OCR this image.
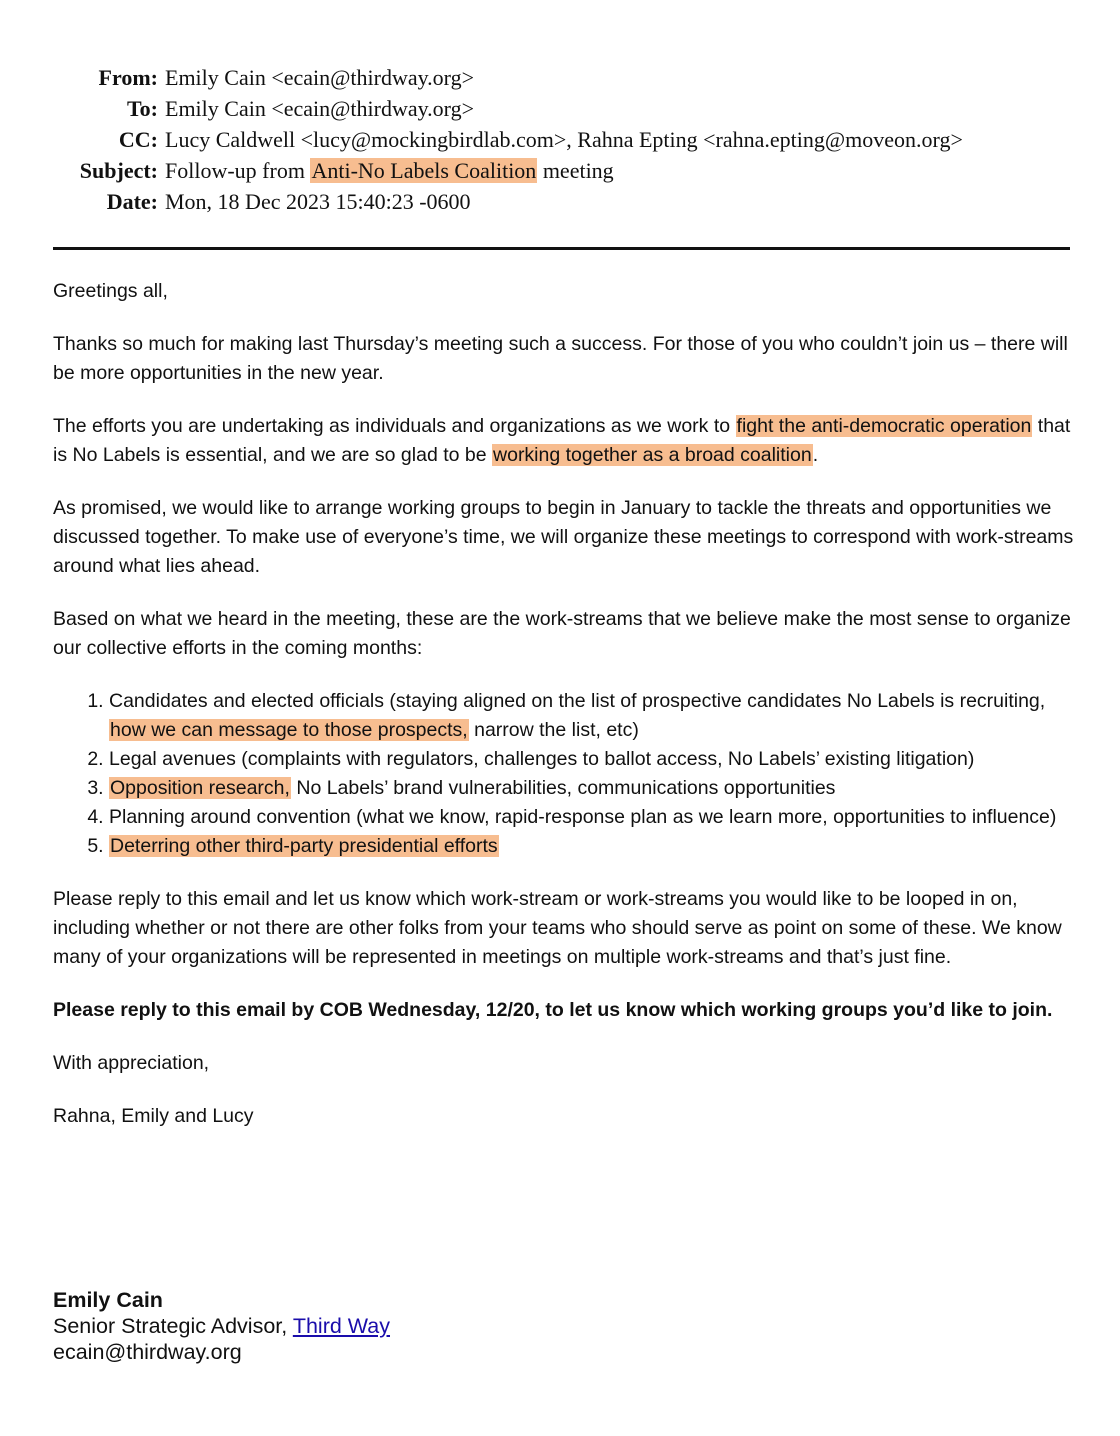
From: Emily Cain <ecain@thirdway.org>
To: Emily Cain <ecain@thirdway.org>
CC: Lucy Caldwell <lucy@mockingbirdlab.com>, Rahna Epting <rahna.epting@moveon.org>
Subject: Follow-up from Anti-No Labels Coalition meeting
Date: Mon, 18 Dec 2023 15:40:23 -0600

Greetings all,

Thanks so much for making last Thursday’s meeting such a success. For those of you who couldn’t join us – there will be more opportunities in the new year.

The efforts you are undertaking as individuals and organizations as we work to fight the anti-democratic operation that is No Labels is essential, and we are so glad to be working together as a broad coalition.

As promised, we would like to arrange working groups to begin in January to tackle the threats and opportunities we discussed together. To make use of everyone’s time, we will organize these meetings to correspond with work-streams around what lies ahead.

Based on what we heard in the meeting, these are the work-streams that we believe make the most sense to organize our collective efforts in the coming months:

1. Candidates and elected officials (staying aligned on the list of prospective candidates No Labels is recruiting, how we can message to those prospects, narrow the list, etc)
2. Legal avenues (complaints with regulators, challenges to ballot access, No Labels’ existing litigation)
3. Opposition research, No Labels’ brand vulnerabilities, communications opportunities
4. Planning around convention (what we know, rapid-response plan as we learn more, opportunities to influence)
5. Deterring other third-party presidential efforts

Please reply to this email and let us know which work-stream or work-streams you would like to be looped in on, including whether or not there are other folks from your teams who should serve as point on some of these. We know many of your organizations will be represented in meetings on multiple work-streams and that’s just fine.

Please reply to this email by COB Wednesday, 12/20, to let us know which working groups you’d like to join.

With appreciation,

Rahna, Emily and Lucy

Emily Cain
Senior Strategic Advisor, Third Way
ecain@thirdway.org
